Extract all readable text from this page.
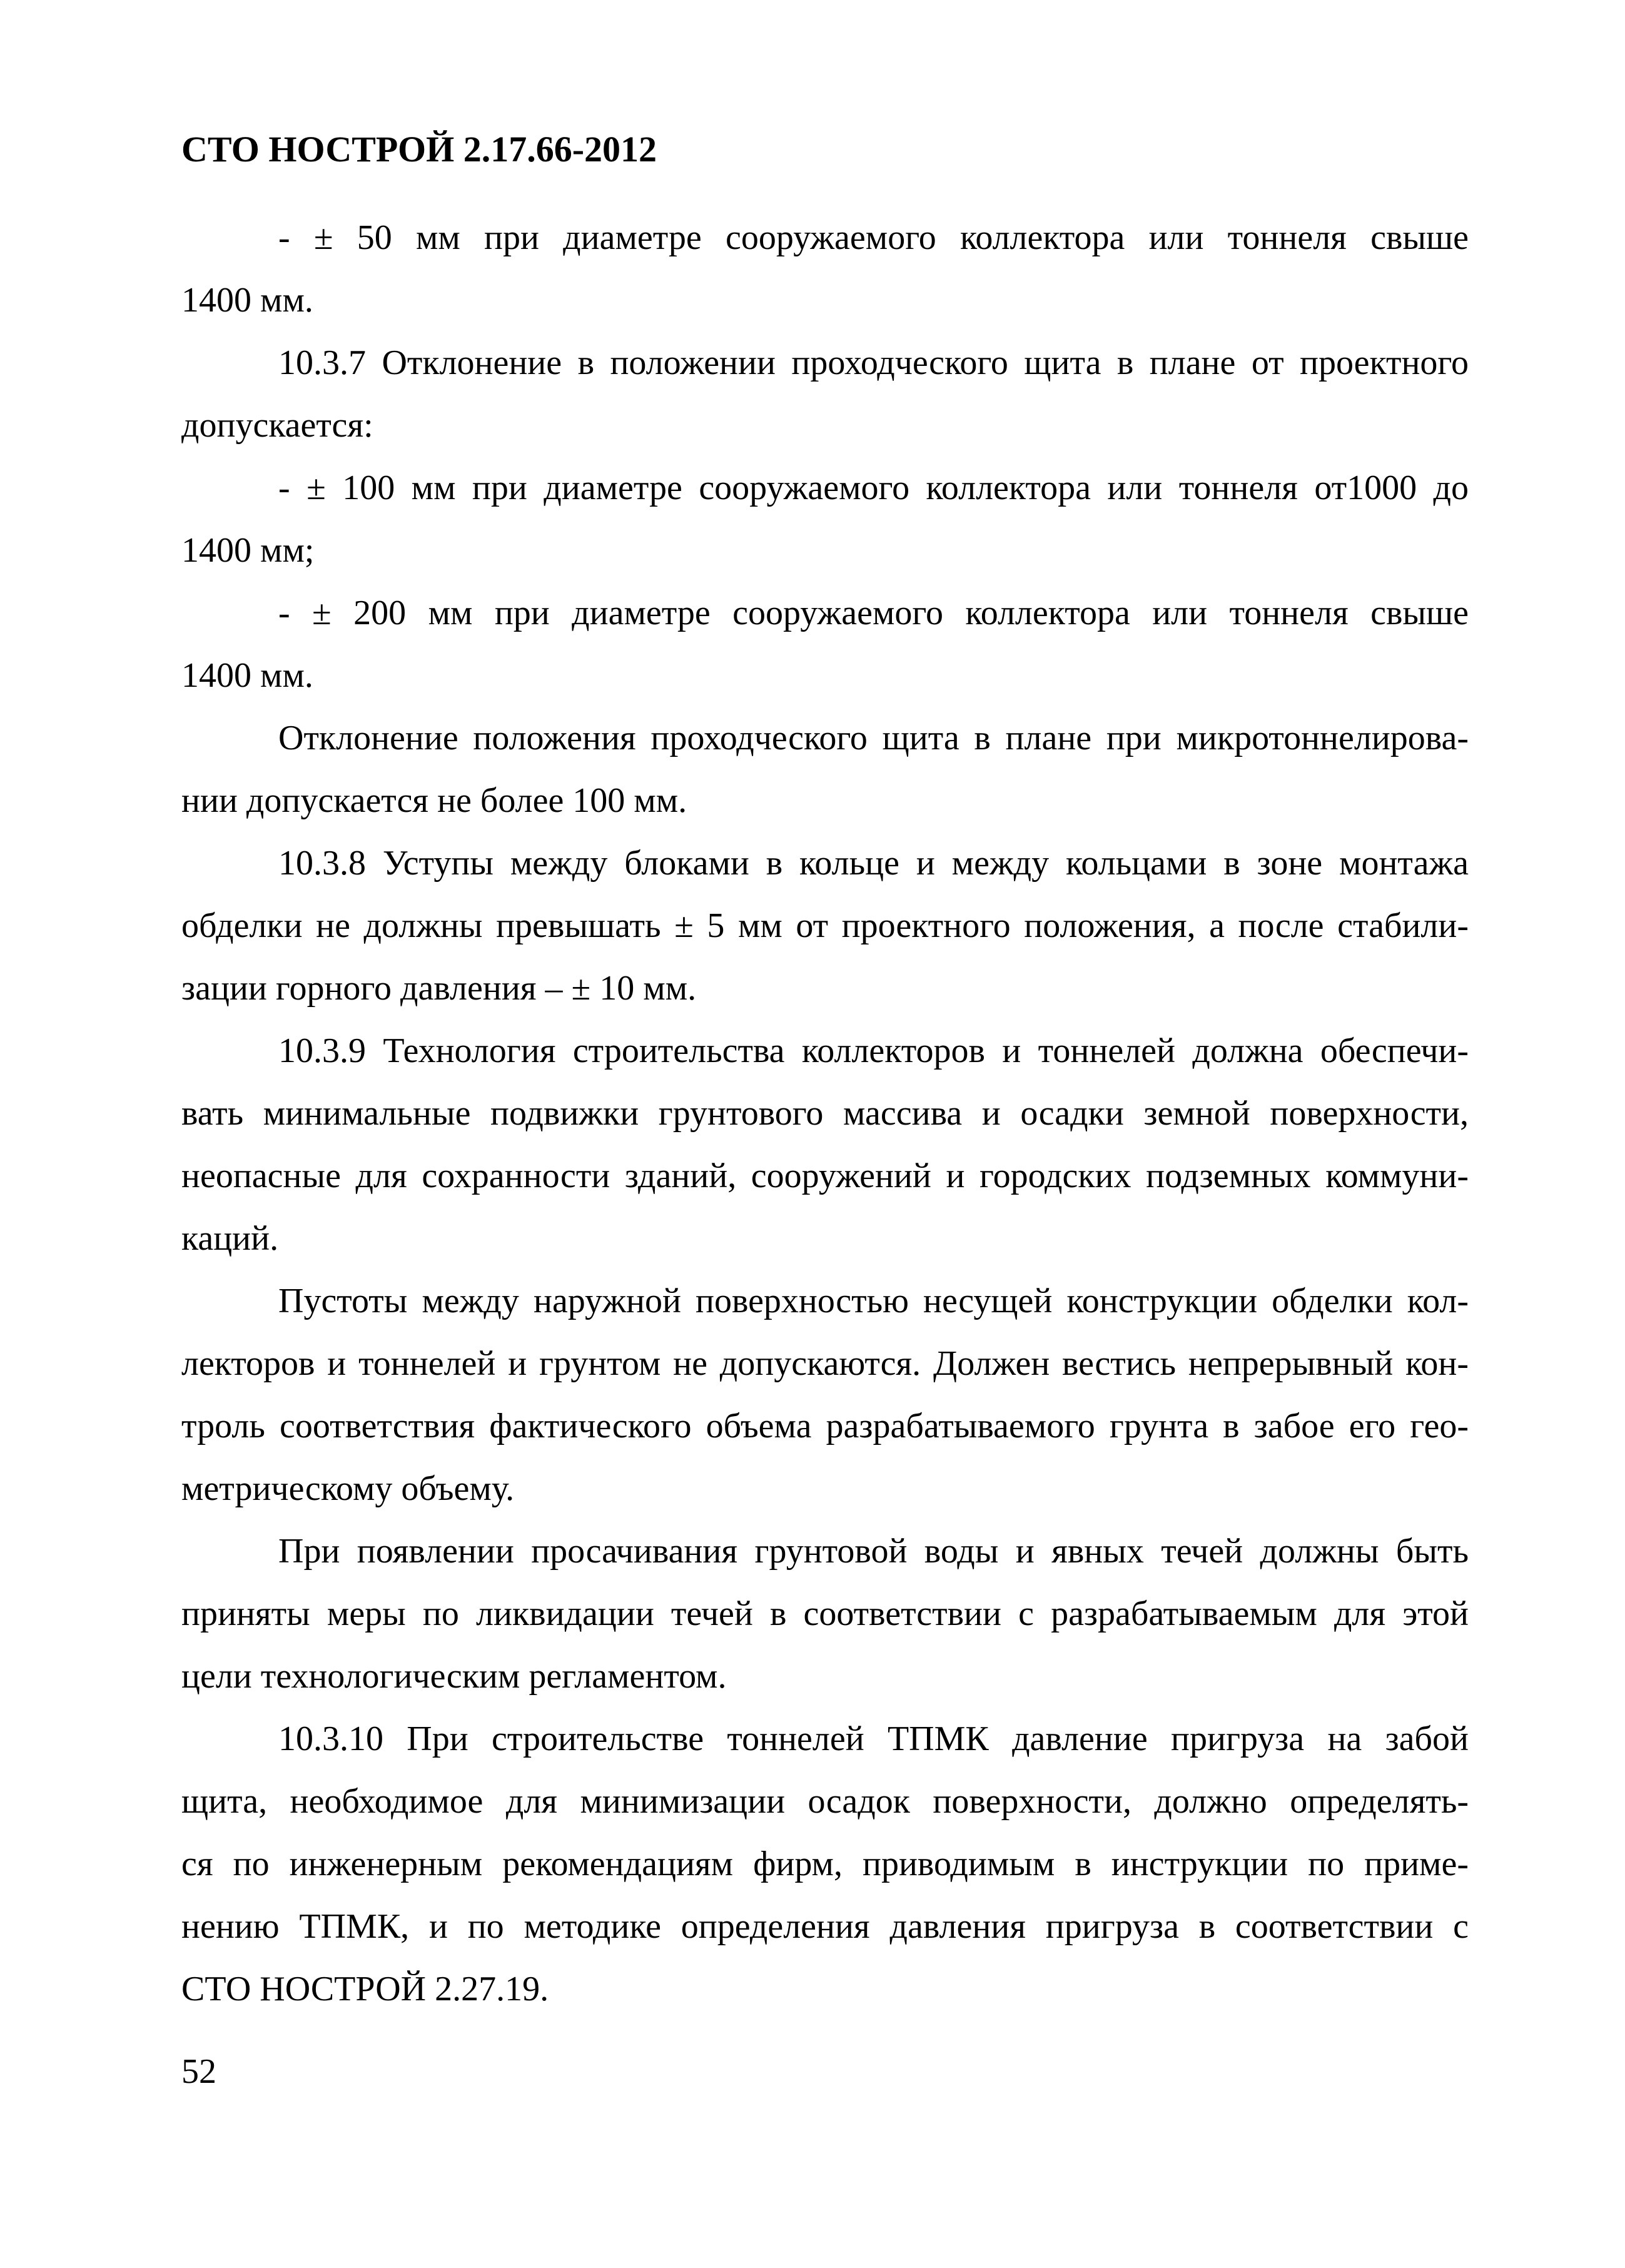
СТО НОСТРОЙ 2.17.66-2012
- ± 50 мм при диаметре сооружаемого коллектора или тоннеля свыше
1400 мм.
10.3.7 Отклонение в положении проходческого щита в плане от проектного
допускается:
- ± 100 мм при диаметре сооружаемого коллектора или тоннеля от1000 до
1400 мм;
- ± 200 мм при диаметре сооружаемого коллектора или тоннеля свыше
1400 мм.
Отклонение положения проходческого щита в плане при микротоннелирова-
нии допускается не более 100 мм.
10.3.8 Уступы между блоками в кольце и между кольцами в зоне монтажа
обделки не должны превышать ± 5 мм от проектного положения, а после стабили-
зации горного давления – ± 10 мм.
10.3.9 Технология строительства коллекторов и тоннелей должна обеспечи-
вать минимальные подвижки грунтового массива и осадки земной поверхности,
неопасные для сохранности зданий, сооружений и городских подземных коммуни-
каций.
Пустоты между наружной поверхностью несущей конструкции обделки кол-
лекторов и тоннелей и грунтом не допускаются. Должен вестись непрерывный кон-
троль соответствия фактического объема разрабатываемого грунта в забое его гео-
метрическому объему.
При появлении просачивания грунтовой воды и явных течей должны быть
приняты меры по ликвидации течей в соответствии с разрабатываемым для этой
цели технологическим регламентом.
10.3.10 При строительстве тоннелей ТПМК давление пригруза на забой
щита, необходимое для минимизации осадок поверхности, должно определять-
ся по инженерным рекомендациям фирм, приводимым в инструкции по приме-
нению ТПМК, и по методике определения давления пригруза в соответствии с
СТО НОСТРОЙ 2.27.19.
52
